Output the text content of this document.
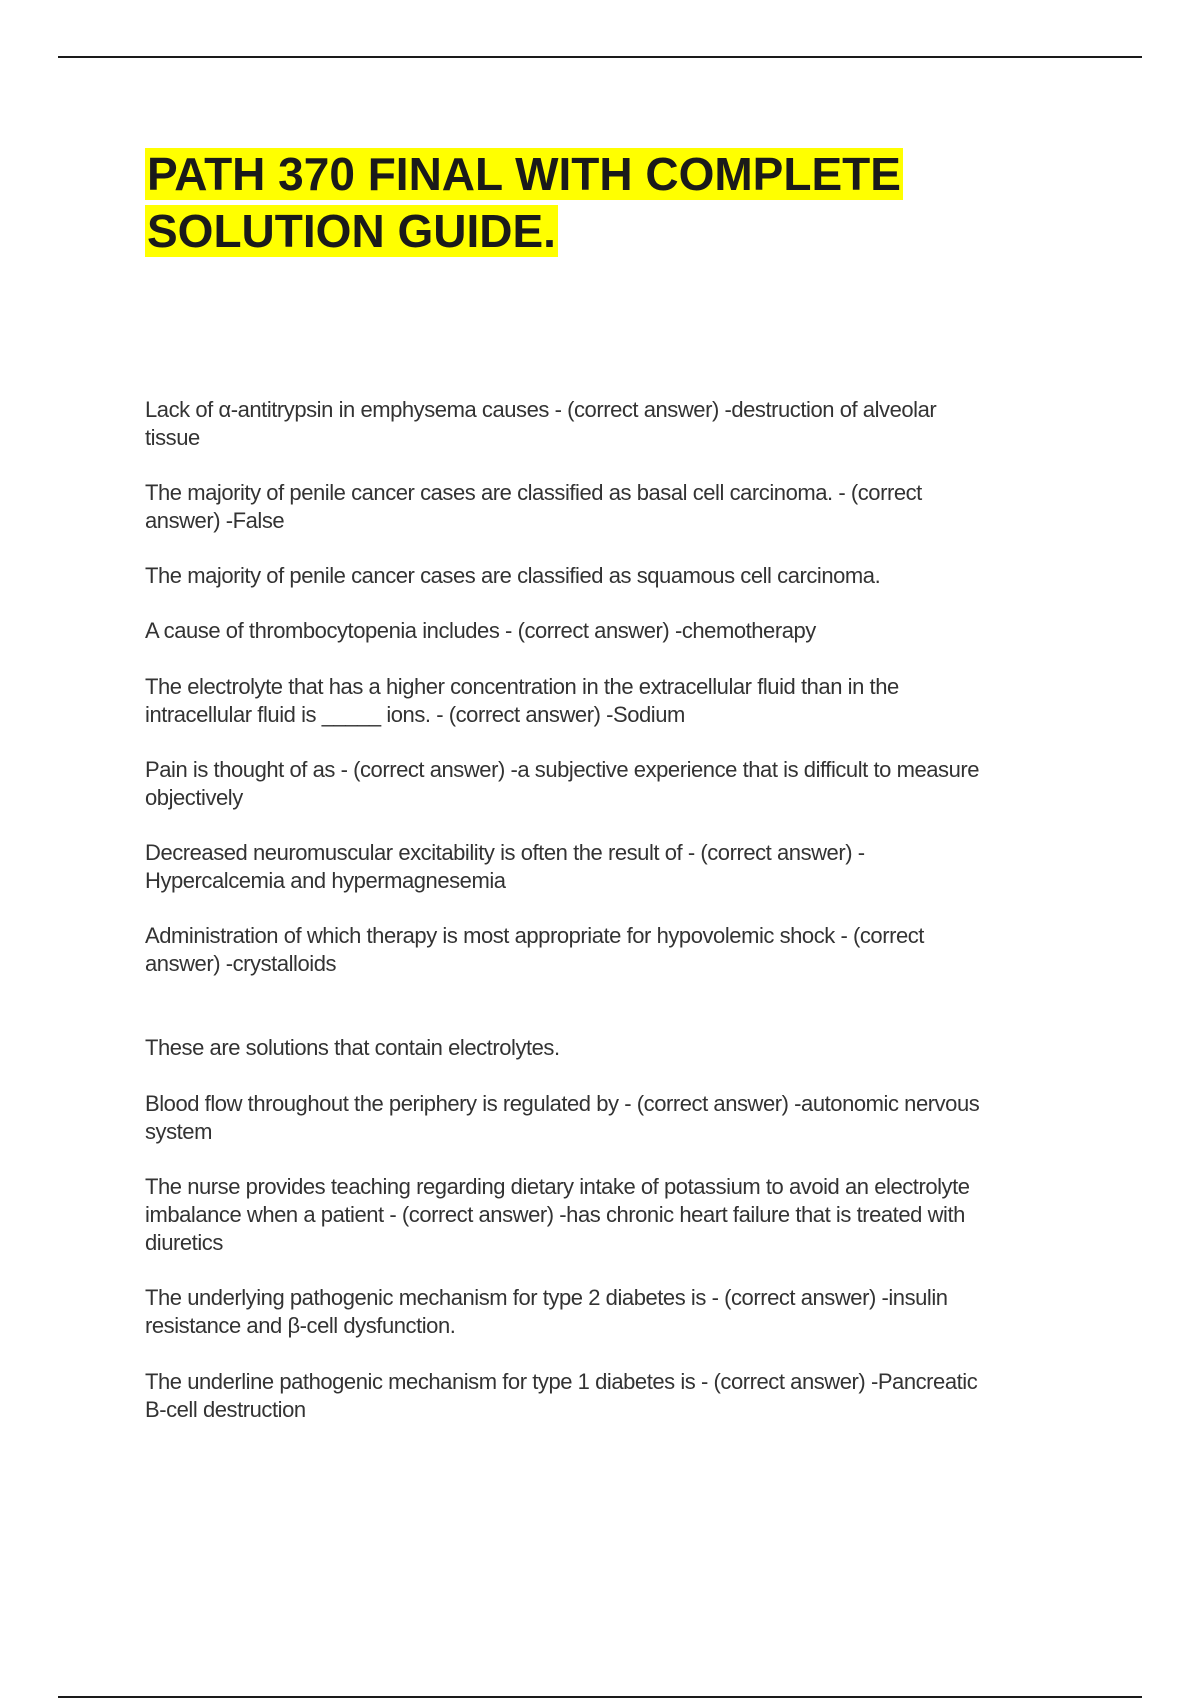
PATH 370 FINAL WITH COMPLETE SOLUTION GUIDE.
Lack of α-antitrypsin in emphysema causes - (correct answer) -destruction of alveolar
tissue
The majority of penile cancer cases are classified as basal cell carcinoma. - (correct
answer) -False
The majority of penile cancer cases are classified as squamous cell carcinoma.
A cause of thrombocytopenia includes - (correct answer) -chemotherapy
The electrolyte that has a higher concentration in the extracellular fluid than in the
intracellular fluid is _____ ions. - (correct answer) -Sodium
Pain is thought of as - (correct answer) -a subjective experience that is difficult to measure
objectively
Decreased neuromuscular excitability is often the result of - (correct answer) -
Hypercalcemia and hypermagnesemia
Administration of which therapy is most appropriate for hypovolemic shock - (correct
answer) -crystalloids
These are solutions that contain electrolytes.
Blood flow throughout the periphery is regulated by - (correct answer) -autonomic nervous
system
The nurse provides teaching regarding dietary intake of potassium to avoid an electrolyte
imbalance when a patient - (correct answer) -has chronic heart failure that is treated with
diuretics
The underlying pathogenic mechanism for type 2 diabetes is - (correct answer) -insulin
resistance and β-cell dysfunction.
The underline pathogenic mechanism for type 1 diabetes is - (correct answer) -Pancreatic
B-cell destruction
